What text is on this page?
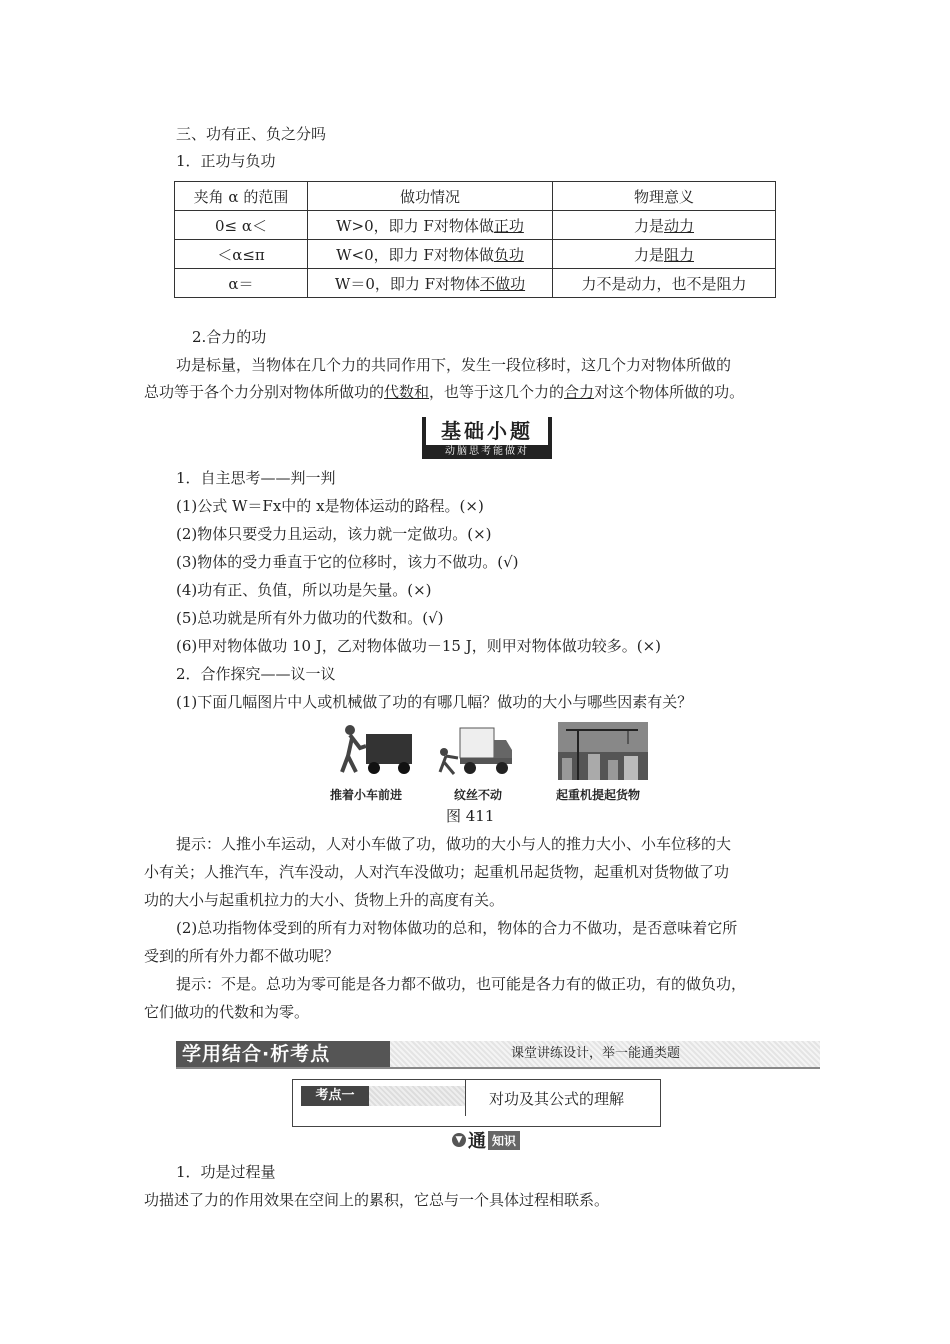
三、功有正、负之分吗
1．正功与负功
夹角 α 的范围	做功情况	物理意义
0≤ α＜	W>0，即力 F对物体做正功	力是动力
＜α≤π	W<0，即力 F对物体做负功	力是阻力
α＝	W＝0，即力 F对物体不做功	力不是动力，也不是阻力
2.合力的功
功是标量，当物体在几个力的共同作用下，发生一段位移时，这几个力对物体所做的
总功等于各个力分别对物体所做功的代数和，也等于这几个力的合力对这个物体所做的功。
基础小题
动脑思考能做对
1．自主思考——判一判
(1)公式 W＝Fx中的 x是物体运动的路程。(×)
(2)物体只要受力且运动，该力就一定做功。(×)
(3)物体的受力垂直于它的位移时，该力不做功。(√)
(4)功有正、负值，所以功是矢量。(×)
(5)总功就是所有外力做功的代数和。(√)
(6)甲对物体做功 10 J，乙对物体做功－15 J，则甲对物体做功较多。(×)
2．合作探究——议一议
(1)下面几幅图片中人或机械做了功的有哪几幅？做功的大小与哪些因素有关？
推着小车前进	纹丝不动	起重机提起货物
图 411
提示：人推小车运动，人对小车做了功，做功的大小与人的推力大小、小车位移的大
小有关；人推汽车，汽车没动，人对汽车没做功；起重机吊起货物，起重机对货物做了功
功的大小与起重机拉力的大小、货物上升的高度有关。
(2)总功指物体受到的所有力对物体做功的总和，物体的合力不做功，是否意味着它所
受到的所有外力都不做功呢？
提示：不是。总功为零可能是各力都不做功，也可能是各力有的做正功，有的做负功，
它们做功的代数和为零。
学用结合·析考点	课堂讲练设计，举一能通类题
考点一	对功及其公式的理解
▼ 通 知识
1．功是过程量
功描述了力的作用效果在空间上的累积，它总与一个具体过程相联系。
